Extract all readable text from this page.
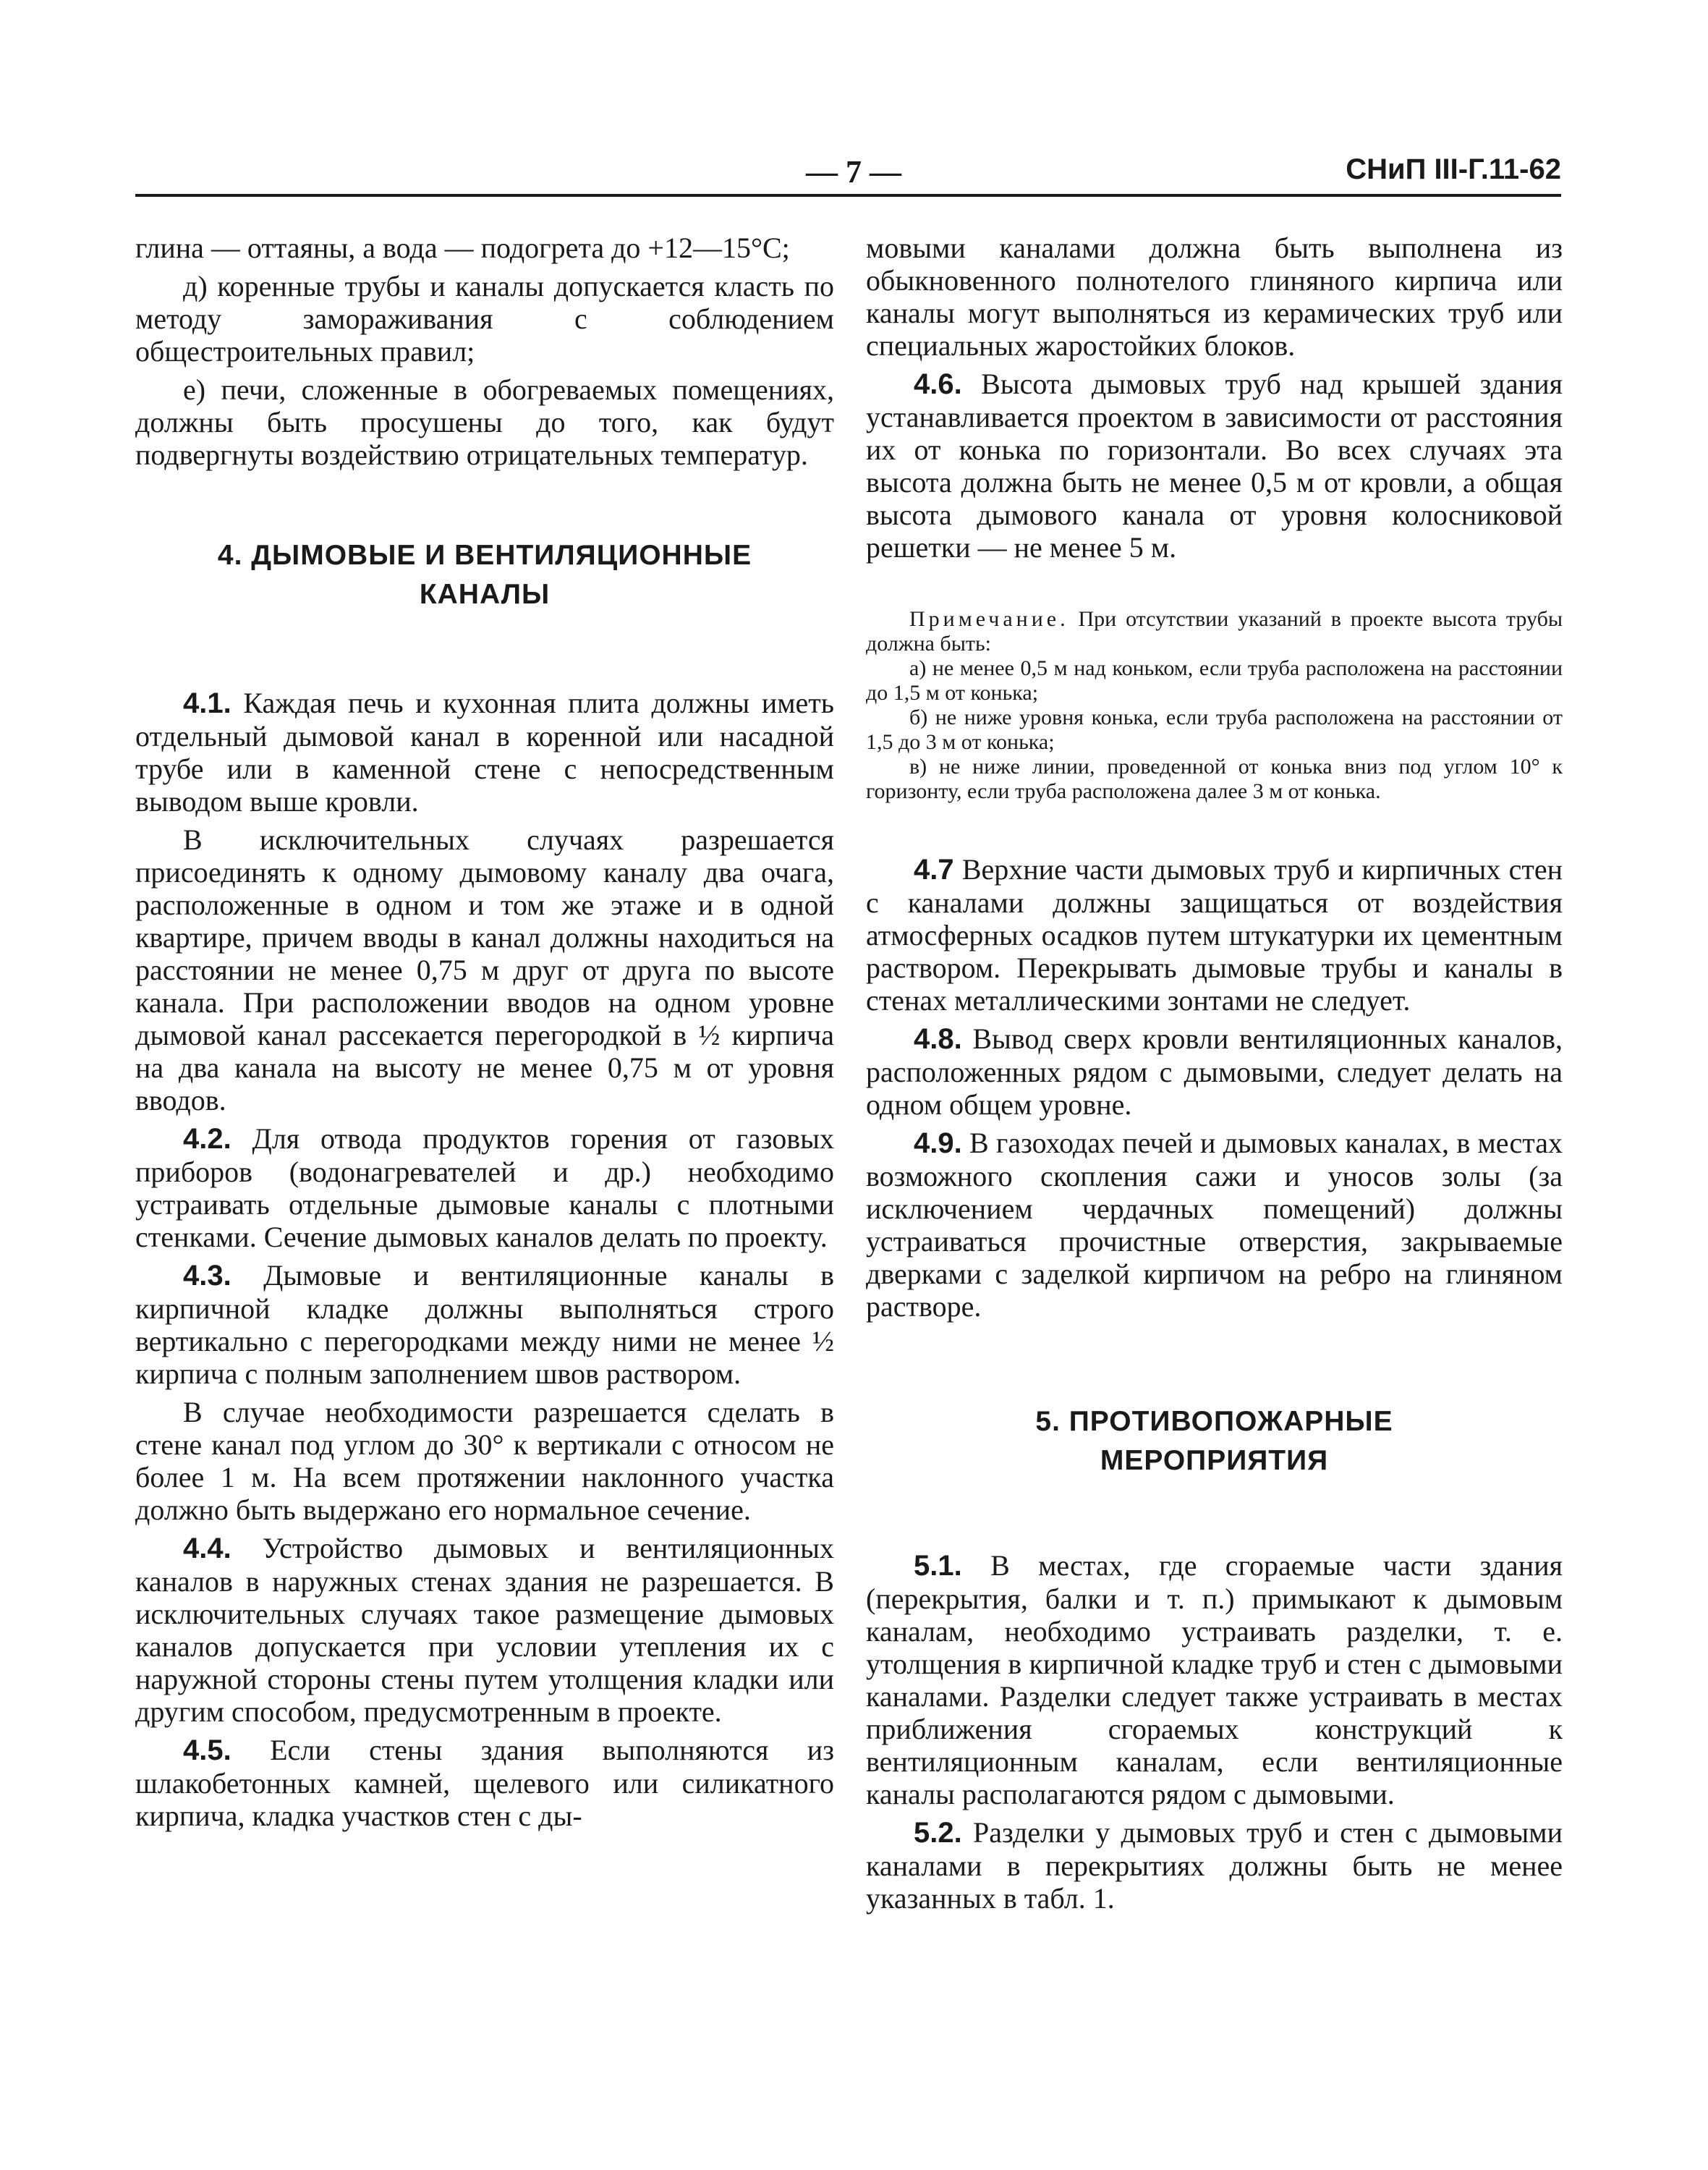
— 7 —	СНиП III-Г.11-62

глина — оттаяны, а вода — подогрета до +12—15°С;

д) коренные трубы и каналы допускается класть по методу замораживания с соблюдением общестроительных правил;

е) печи, сложенные в обогреваемых помещениях, должны быть просушены до того, как будут подвергнуты воздействию отрицательных температур.

4. ДЫМОВЫЕ И ВЕНТИЛЯЦИОННЫЕ
КАНАЛЫ

4.1. Каждая печь и кухонная плита должны иметь отдельный дымовой канал в коренной или насадной трубе или в каменной стене с непосредственным выводом выше кровли.

В исключительных случаях разрешается присоединять к одному дымовому каналу два очага, расположенные в одном и том же этаже и в одной квартире, причем вводы в канал должны находиться на расстоянии не менее 0,75 м друг от друга по высоте канала. При расположении вводов на одном уровне дымовой канал рассекается перегородкой в ½ кирпича на два канала на высоту не менее 0,75 м от уровня вводов.

4.2. Для отвода продуктов горения от газовых приборов (водонагревателей и др.) необходимо устраивать отдельные дымовые каналы с плотными стенками. Сечение дымовых каналов делать по проекту.

4.3. Дымовые и вентиляционные каналы в кирпичной кладке должны выполняться строго вертикально с перегородками между ними не менее ½ кирпича с полным заполнением швов раствором.

В случае необходимости разрешается сделать в стене канал под углом до 30° к вертикали с относом не более 1 м. На всем протяжении наклонного участка должно быть выдержано его нормальное сечение.

4.4. Устройство дымовых и вентиляционных каналов в наружных стенах здания не разрешается. В исключительных случаях такое размещение дымовых каналов допускается при условии утепления их с наружной стороны стены путем утолщения кладки или другим способом, предусмотренным в проекте.

4.5. Если стены здания выполняются из шлакобетонных камней, щелевого или силикатного кирпича, кладка участков стен с ды-

мовыми каналами должна быть выполнена из обыкновенного полнотелого глиняного кирпича или каналы могут выполняться из керамических труб или специальных жаростойких блоков.

4.6. Высота дымовых труб над крышей здания устанавливается проектом в зависимости от расстояния их от конька по горизонтали. Во всех случаях эта высота должна быть не менее 0,5 м от кровли, а общая высота дымового канала от уровня колосниковой решетки — не менее 5 м.

Примечание. При отсутствии указаний в проекте высота трубы должна быть:

а) не менее 0,5 м над коньком, если труба расположена на расстоянии до 1,5 м от конька;

б) не ниже уровня конька, если труба расположена на расстоянии от 1,5 до 3 м от конька;

в) не ниже линии, проведенной от конька вниз под углом 10° к горизонту, если труба расположена далее 3 м от конька.

4.7 Верхние части дымовых труб и кирпичных стен с каналами должны защищаться от воздействия атмосферных осадков путем штукатурки их цементным раствором. Перекрывать дымовые трубы и каналы в стенах металлическими зонтами не следует.

4.8. Вывод сверх кровли вентиляционных каналов, расположенных рядом с дымовыми, следует делать на одном общем уровне.

4.9. В газоходах печей и дымовых каналах, в местах возможного скопления сажи и уносов золы (за исключением чердачных помещений) должны устраиваться прочистные отверстия, закрываемые дверками с заделкой кирпичом на ребро на глиняном растворе.

5. ПРОТИВОПОЖАРНЫЕ
МЕРОПРИЯТИЯ

5.1. В местах, где сгораемые части здания (перекрытия, балки и т. п.) примыкают к дымовым каналам, необходимо устраивать разделки, т. е. утолщения в кирпичной кладке труб и стен с дымовыми каналами. Разделки следует также устраивать в местах приближения сгораемых конструкций к вентиляционным каналам, если вентиляционные каналы располагаются рядом с дымовыми.

5.2. Разделки у дымовых труб и стен с дымовыми каналами в перекрытиях должны быть не менее указанных в табл. 1.
